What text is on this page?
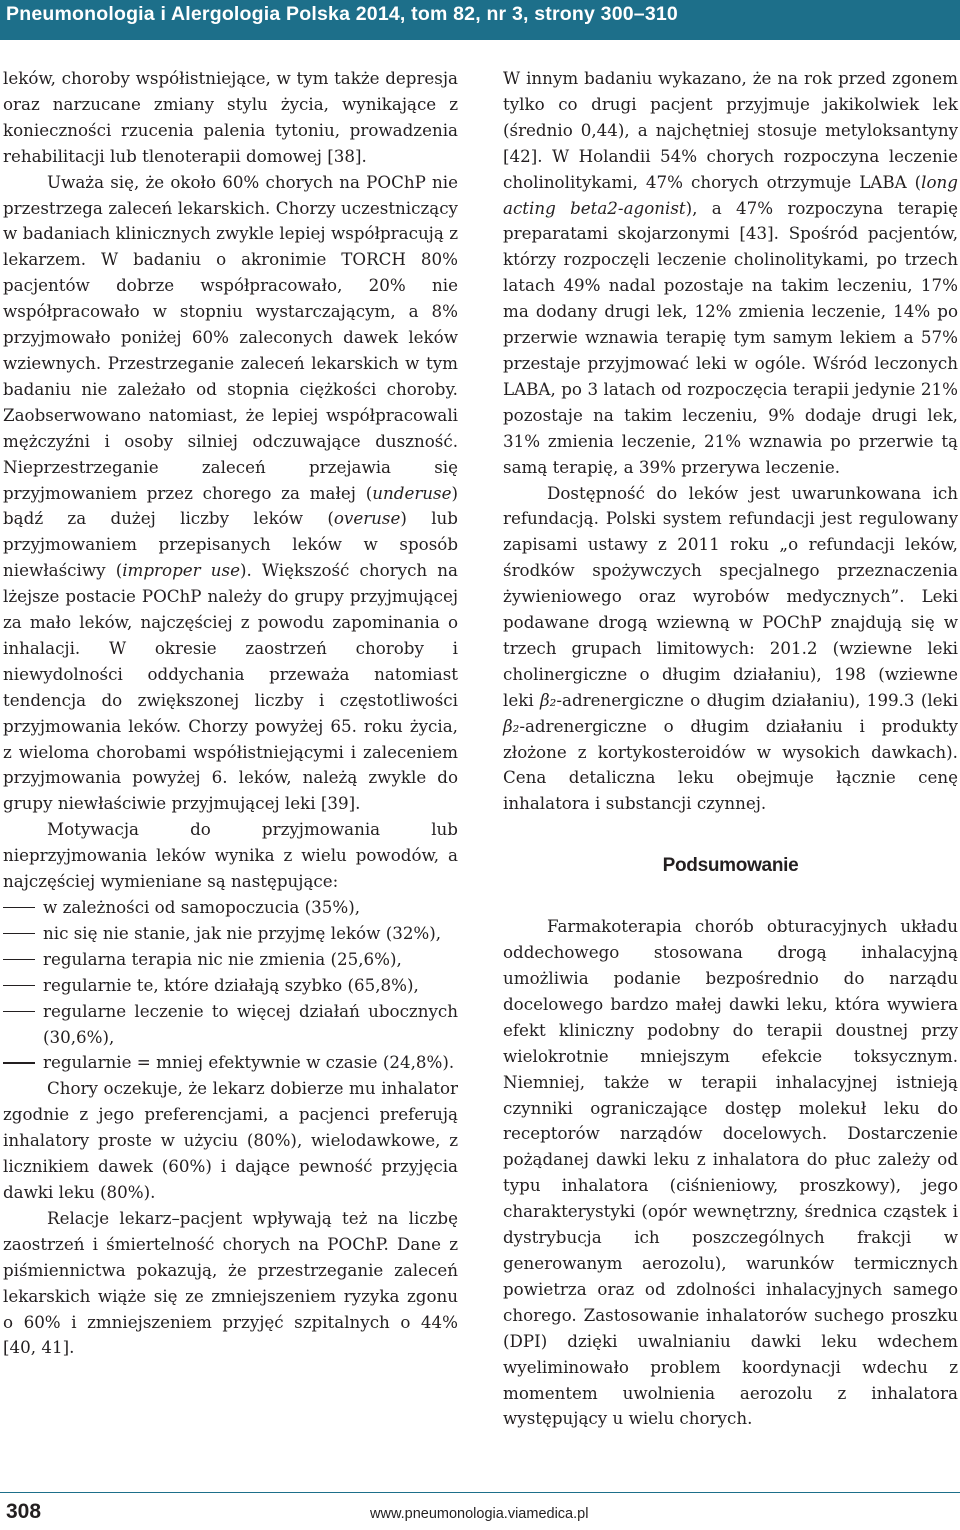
Pneumonologia i Alergologia Polska 2014, tom 82, nr 3, strony 300–310

leków, choroby współistniejące, w tym także depresja oraz narzucane zmiany stylu życia, wynikające z konieczności rzucenia palenia tytoniu, prowadzenia rehabilitacji lub tlenoterapii domowej [38].

Uważa się, że około 60% chorych na POChP nie przestrzega zaleceń lekarskich. Chorzy uczestniczący w badaniach klinicznych zwykle lepiej współpracują z lekarzem. W badaniu o akronimie TORCH 80% pacjentów dobrze współpracowało, 20% nie współpracowało w stopniu wystarczającym, a 8% przyjmowało poniżej 60% zaleconych dawek leków wziewnych. Przestrzeganie zaleceń lekarskich w tym badaniu nie zależało od stopnia ciężkości choroby. Zaobserwowano natomiast, że lepiej współpracowali mężczyźni i osoby silniej odczuwające duszność. Nieprzestrzeganie zaleceń przejawia się przyjmowaniem przez chorego za małej (underuse) bądź za dużej liczby leków (overuse) lub przyjmowaniem przepisanych leków w sposób niewłaściwy (improper use). Większość chorych na lżejsze postacie POChP należy do grupy przyjmującej za mało leków, najczęściej z powodu zapominania o inhalacji. W okresie zaostrzeń choroby i niewydolności oddychania przeważa natomiast tendencja do zwiększonej liczby i częstotliwości przyjmowania leków. Chorzy powyżej 65. roku życia, z wieloma chorobami współistniejącymi i zaleceniem przyjmowania powyżej 6. leków, należą zwykle do grupy niewłaściwie przyjmującej leki [39].

Motywacja do przyjmowania lub nieprzyjmowania leków wynika z wielu powodów, a najczęściej wymieniane są następujące:

w zależności od samopoczucia (35%),
nic się nie stanie, jak nie przyjmę leków (32%),
regularna terapia nic nie zmienia (25,6%),
regularnie te, które działają szybko (65,8%),
regularne leczenie to więcej działań ubocznych (30,6%),
regularnie = mniej efektywnie w czasie (24,8%).

Chory oczekuje, że lekarz dobierze mu inhalator zgodnie z jego preferencjami, a pacjenci preferują inhalatory proste w użyciu (80%), wielodawkowe, z licznikiem dawek (60%) i dające pewność przyjęcia dawki leku (80%).

Relacje lekarz–pacjent wpływają też na liczbę zaostrzeń i śmiertelność chorych na POChP. Dane z piśmiennictwa pokazują, że przestrzeganie zaleceń lekarskich wiąże się ze zmniejszeniem ryzyka zgonu o 60% i zmniejszeniem przyjęć szpitalnych o 44% [40, 41].

W innym badaniu wykazano, że na rok przed zgonem tylko co drugi pacjent przyjmuje jakikolwiek lek (średnio 0,44), a najchętniej stosuje metyloksantyny [42]. W Holandii 54% chorych rozpoczyna leczenie cholinolitykami, 47% chorych otrzymuje LABA (long acting beta2-agonist), a 47% rozpoczyna terapię preparatami skojarzonymi [43]. Spośród pacjentów, którzy rozpoczęli leczenie cholinolitykami, po trzech latach 49% nadal pozostaje na takim leczeniu, 17% ma dodany drugi lek, 12% zmienia leczenie, 14% po przerwie wznawia terapię tym samym lekiem a 57% przestaje przyjmować leki w ogóle. Wśród leczonych LABA, po 3 latach od rozpoczęcia terapii jedynie 21% pozostaje na takim leczeniu, 9% dodaje drugi lek, 31% zmienia leczenie, 21% wznawia po przerwie tą samą terapię, a 39% przerywa leczenie.

Dostępność do leków jest uwarunkowana ich refundacją. Polski system refundacji jest regulowany zapisami ustawy z 2011 roku „o refundacji leków, środków spożywczych specjalnego przeznaczenia żywieniowego oraz wyrobów medycznych”. Leki podawane drogą wziewną w POChP znajdują się w trzech grupach limitowych: 201.2 (wziewne leki cholinergiczne o długim działaniu), 198 (wziewne leki β₂-adrenergiczne o długim działaniu), 199.3 (leki β₂-adrenergiczne o długim działaniu i produkty złożone z kortykosteroidów w wysokich dawkach). Cena detaliczna leku obejmuje łącznie cenę inhalatora i substancji czynnej.

Podsumowanie

Farmakoterapia chorób obturacyjnych układu oddechowego stosowana drogą inhalacyjną umożliwia podanie bezpośrednio do narządu docelowego bardzo małej dawki leku, która wywiera efekt kliniczny podobny do terapii doustnej przy wielokrotnie mniejszym efekcie toksycznym. Niemniej, także w terapii inhalacyjnej istnieją czynniki ograniczające dostęp molekuł leku do receptorów narządów docelowych. Dostarczenie pożądanej dawki leku z inhalatora do płuc zależy od typu inhalatora (ciśnieniowy, proszkowy), jego charakterystyki (opór wewnętrzny, średnica cząstek i dystrybucja ich poszczególnych frakcji w generowanym aerozolu), warunków termicznych powietrza oraz od zdolności inhalacyjnych samego chorego. Zastosowanie inhalatorów suchego proszku (DPI) dzięki uwalnianiu dawki leku wdechem wyeliminowało problem koordynacji wdechu z momentem uwolnienia aerozolu z inhalatora występujący u wielu chorych.

308	www.pneumonologia.viamedica.pl
